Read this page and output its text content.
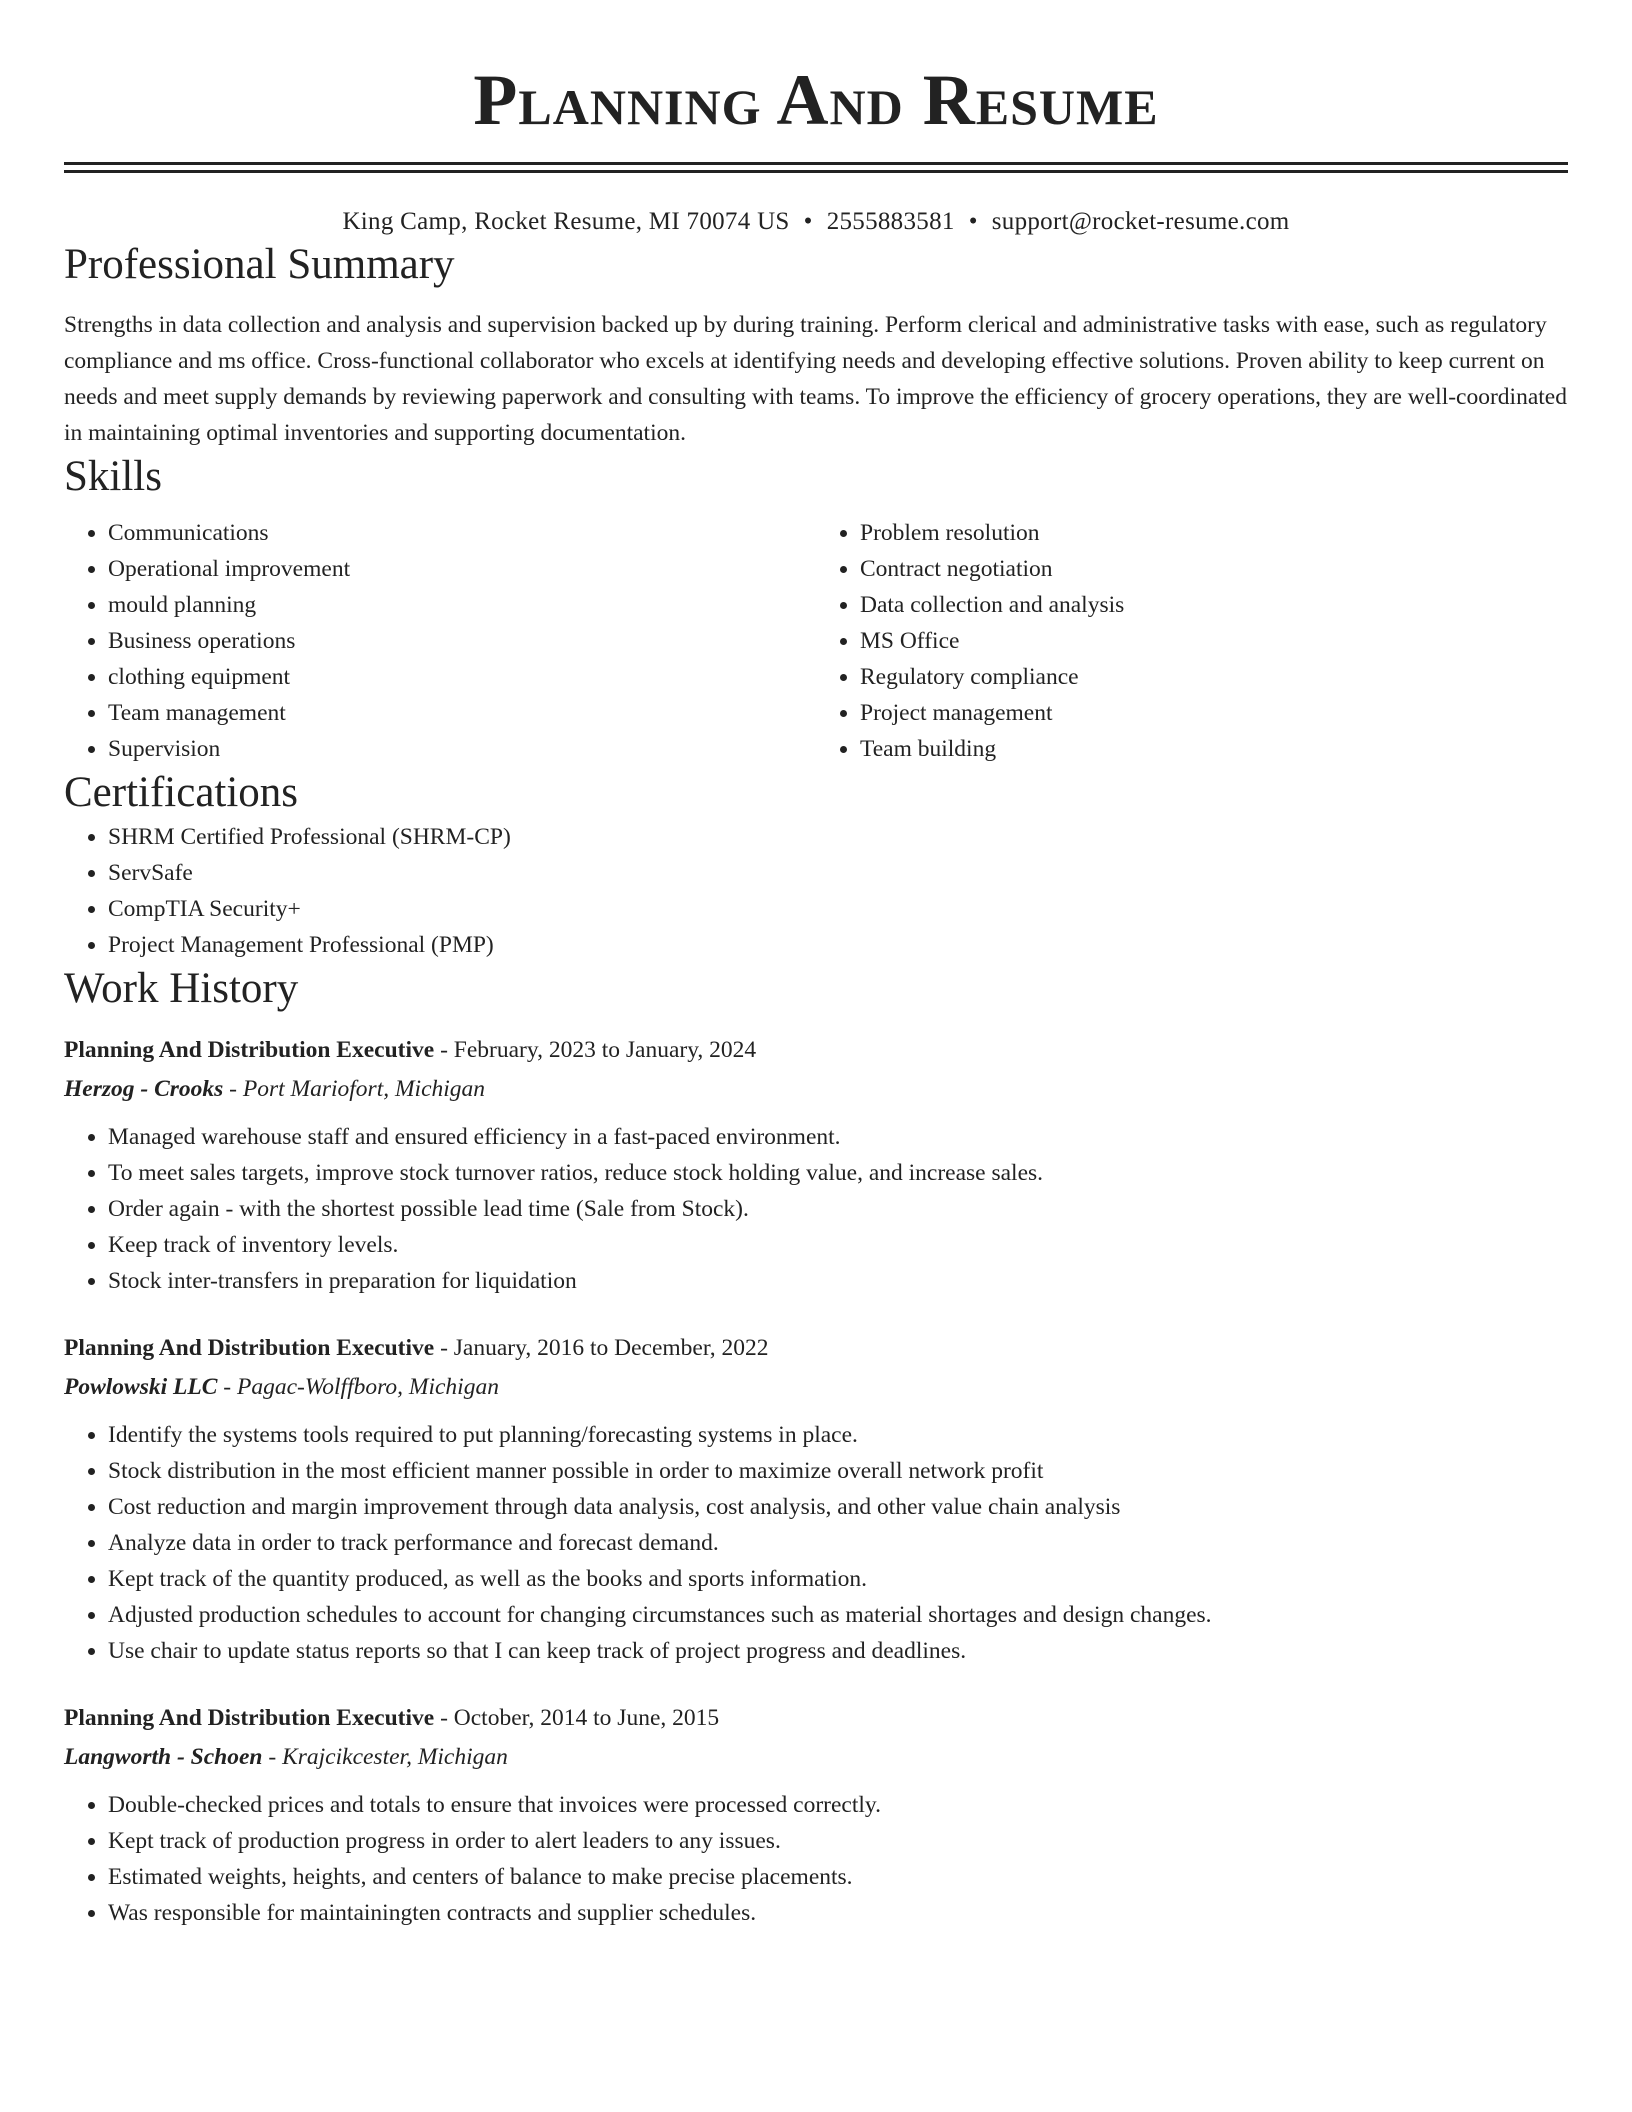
Planning And Resume
King Camp, Rocket Resume, MI 70074 US • 2555883581 • support@rocket-resume.com
Professional Summary

Strengths in data collection and analysis and supervision backed up by during training. Perform clerical and administrative tasks with ease, such as regulatory compliance and ms office. Cross-functional collaborator who excels at identifying needs and developing effective solutions. Proven ability to keep current on needs and meet supply demands by reviewing paperwork and consulting with teams. To improve the efficiency of grocery operations, they are well-coordinated in maintaining optimal inventories and supporting documentation.

Skills
• Communications
• Operational improvement
• mould planning
• Business operations
• clothing equipment
• Team management
• Supervision
• Problem resolution
• Contract negotiation
• Data collection and analysis
• MS Office
• Regulatory compliance
• Project management
• Team building
Certifications
• SHRM Certified Professional (SHRM-CP)
• ServSafe
• CompTIA Security+
• Project Management Professional (PMP)
Work History
Planning And Distribution Executive - February, 2023 to January, 2024
Herzog - Crooks - Port Mariofort, Michigan
• Managed warehouse staff and ensured efficiency in a fast-paced environment.
• To meet sales targets, improve stock turnover ratios, reduce stock holding value, and increase sales.
• Order again - with the shortest possible lead time (Sale from Stock).
• Keep track of inventory levels.
• Stock inter-transfers in preparation for liquidation
Planning And Distribution Executive - January, 2016 to December, 2022
Powlowski LLC - Pagac-Wolffboro, Michigan
• Identify the systems tools required to put planning/forecasting systems in place.
• Stock distribution in the most efficient manner possible in order to maximize overall network profit
• Cost reduction and margin improvement through data analysis, cost analysis, and other value chain analysis
• Analyze data in order to track performance and forecast demand.
• Kept track of the quantity produced, as well as the books and sports information.
• Adjusted production schedules to account for changing circumstances such as material shortages and design changes.
• Use chair to update status reports so that I can keep track of project progress and deadlines.
Planning And Distribution Executive - October, 2014 to June, 2015
Langworth - Schoen - Krajcikcester, Michigan
• Double-checked prices and totals to ensure that invoices were processed correctly.
• Kept track of production progress in order to alert leaders to any issues.
• Estimated weights, heights, and centers of balance to make precise placements.
• Was responsible for maintainingten contracts and supplier schedules.
